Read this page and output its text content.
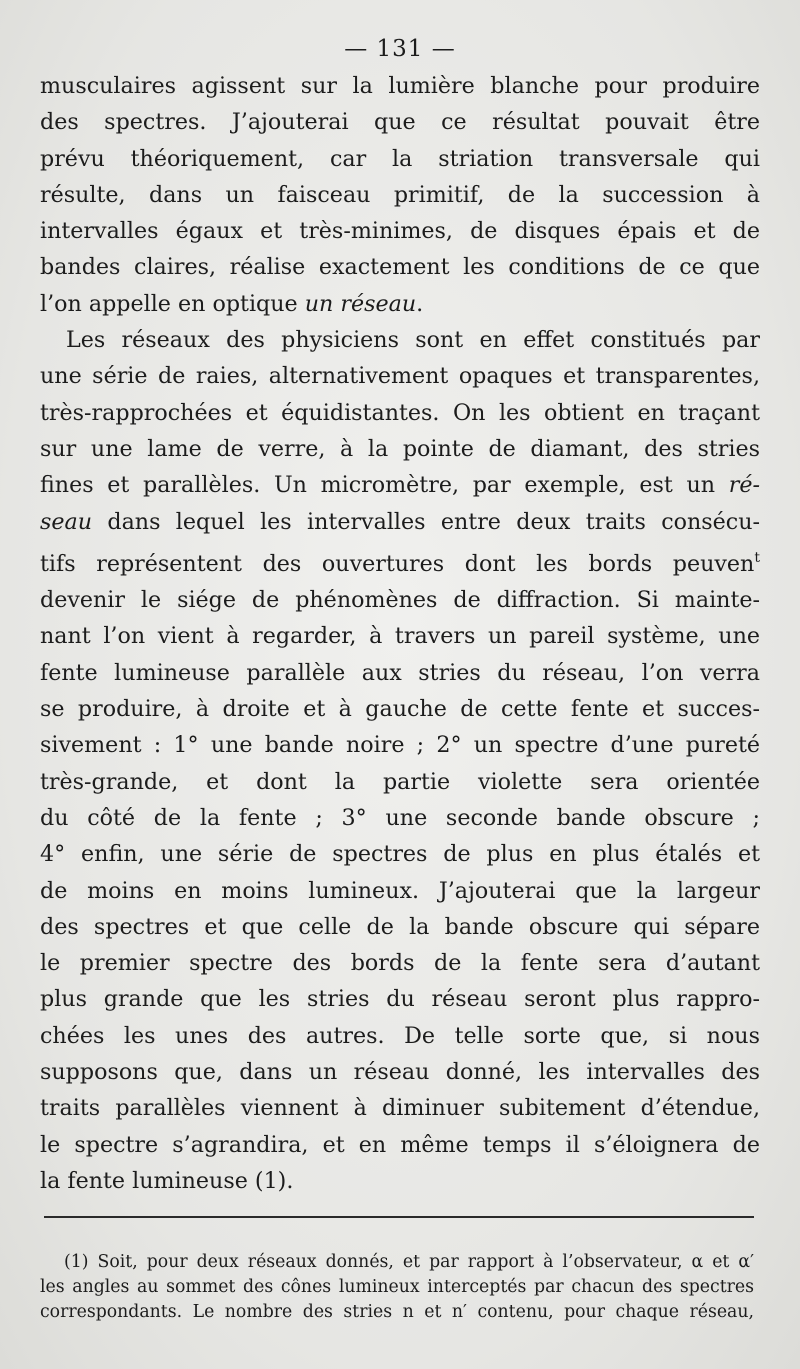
— 131 —

musculaires agissent sur la lumière blanche pour produire
des spectres. J’ajouterai que ce résultat pouvait être
prévu théoriquement, car la striation transversale qui
résulte, dans un faisceau primitif, de la succession à
intervalles égaux et très-minimes, de disques épais et de
bandes claires, réalise exactement les conditions de ce que
l’on appelle en optique un réseau.

Les réseaux des physiciens sont en effet constitués par
une série de raies, alternativement opaques et transparentes,
très-rapprochées et équidistantes. On les obtient en traçant
sur une lame de verre, à la pointe de diamant, des stries
fines et parallèles. Un micromètre, par exemple, est un ré-
seau dans lequel les intervalles entre deux traits consécu-
tifs représentent des ouvertures dont les bords peuven$^t$
devenir le siége de phénomènes de diffraction. Si mainte-
nant l’on vient à regarder, à travers un pareil système, une
fente lumineuse parallèle aux stries du réseau, l’on verra
se produire, à droite et à gauche de cette fente et succes-
sivement : 1° une bande noire ; 2° un spectre d’une pureté
très-grande, et dont la partie violette sera orientée
du côté de la fente ; 3° une seconde bande obscure ;
4° enfin, une série de spectres de plus en plus étalés et
de moins en moins lumineux. J’ajouterai que la largeur
des spectres et que celle de la bande obscure qui sépare
le premier spectre des bords de la fente sera d’autant
plus grande que les stries du réseau seront plus rappro-
chées les unes des autres. De telle sorte que, si nous
supposons que, dans un réseau donné, les intervalles des
traits parallèles viennent à diminuer subitement d’étendue,
le spectre s’agrandira, et en même temps il s’éloignera de
la fente lumineuse (1).

(1) Soit, pour deux réseaux donnés, et par rapport à l’observateur, α et α′
les angles au sommet des cônes lumineux interceptés par chacun des spectres
correspondants. Le nombre des stries n et n′ contenu, pour chaque réseau,
